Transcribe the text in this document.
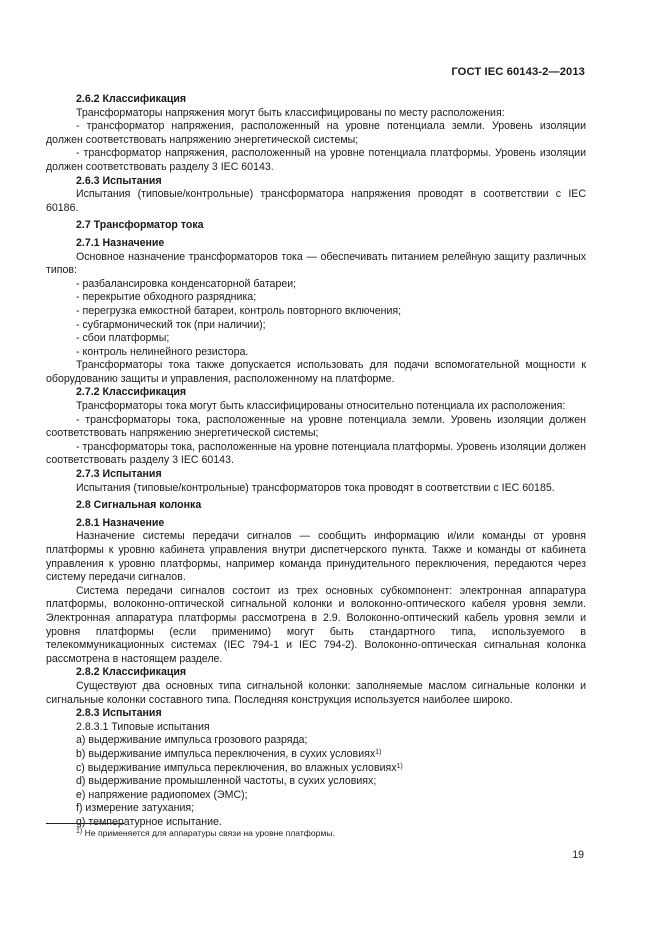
ГОСТ IEC 60143-2—2013
2.6.2 Классификация
Трансформаторы напряжения могут быть классифицированы по месту расположения:
- трансформатор напряжения, расположенный на уровне потенциала земли. Уровень изоляции должен соответствовать напряжению энергетической системы;
- трансформатор напряжения, расположенный на уровне потенциала платформы. Уровень изоляции должен соответствовать разделу 3 IEC 60143.
2.6.3 Испытания
Испытания (типовые/контрольные) трансформатора напряжения проводят в соответствии с IEC 60186.
2.7 Трансформатор тока
2.7.1 Назначение
Основное назначение трансформаторов тока — обеспечивать питанием релейную защиту различных типов:
- разбалансировка конденсаторной батареи;
- перекрытие обходного разрядника;
- перегрузка емкостной батареи, контроль повторного включения;
- субгармонический ток (при наличии);
- сбои платформы;
- контроль нелинейного резистора.
Трансформаторы тока также допускается использовать для подачи вспомогательной мощности к оборудованию защиты и управления, расположенному на платформе.
2.7.2 Классификация
Трансформаторы тока могут быть классифицированы относительно потенциала их расположения:
- трансформаторы тока, расположенные на уровне потенциала земли. Уровень изоляции должен соответствовать напряжению энергетической системы;
- трансформаторы тока, расположенные на уровне потенциала платформы. Уровень изоляции должен соответствовать разделу 3 IEC 60143.
2.7.3 Испытания
Испытания (типовые/контрольные) трансформаторов тока проводят в соответствии с IEC 60185.
2.8 Сигнальная колонка
2.8.1 Назначение
Назначение системы передачи сигналов — сообщить информацию и/или команды от уровня платформы к уровню кабинета управления внутри диспетчерского пункта. Также и команды от кабинета управления к уровню платформы, например команда принудительного переключения, передаются через систему передачи сигналов.
Система передачи сигналов состоит из трех основных субкомпонент: электронная аппаратура платформы, волоконно-оптической сигнальной колонки и волоконно-оптического кабеля уровня земли. Электронная аппаратура платформы рассмотрена в 2.9. Волоконно-оптический кабель уровня земли и уровня платформы (если применимо) могут быть стандартного типа, используемого в телекоммуникационных системах (IEC 794-1 и IEC 794-2). Волоконно-оптическая сигнальная колонка рассмотрена в настоящем разделе.
2.8.2 Классификация
Существуют два основных типа сигнальной колонки: заполняемые маслом сигнальные колонки и сигнальные колонки составного типа. Последняя конструкция используется наиболее широко.
2.8.3 Испытания
2.8.3.1 Типовые испытания
а) выдерживание импульса грозового разряда;
b) выдерживание импульса переключения, в сухих условиях$^{1)}$
c) выдерживание импульса переключения, во влажных условиях$^{1)}$
d) выдерживание промышленной частоты, в сухих условиях;
e) напряжение радиопомех (ЭМС);
f) измерение затухания;
g) температурное испытание.
$^{1)}$ Не применяется для аппаратуры связи на уровне платформы.
19
